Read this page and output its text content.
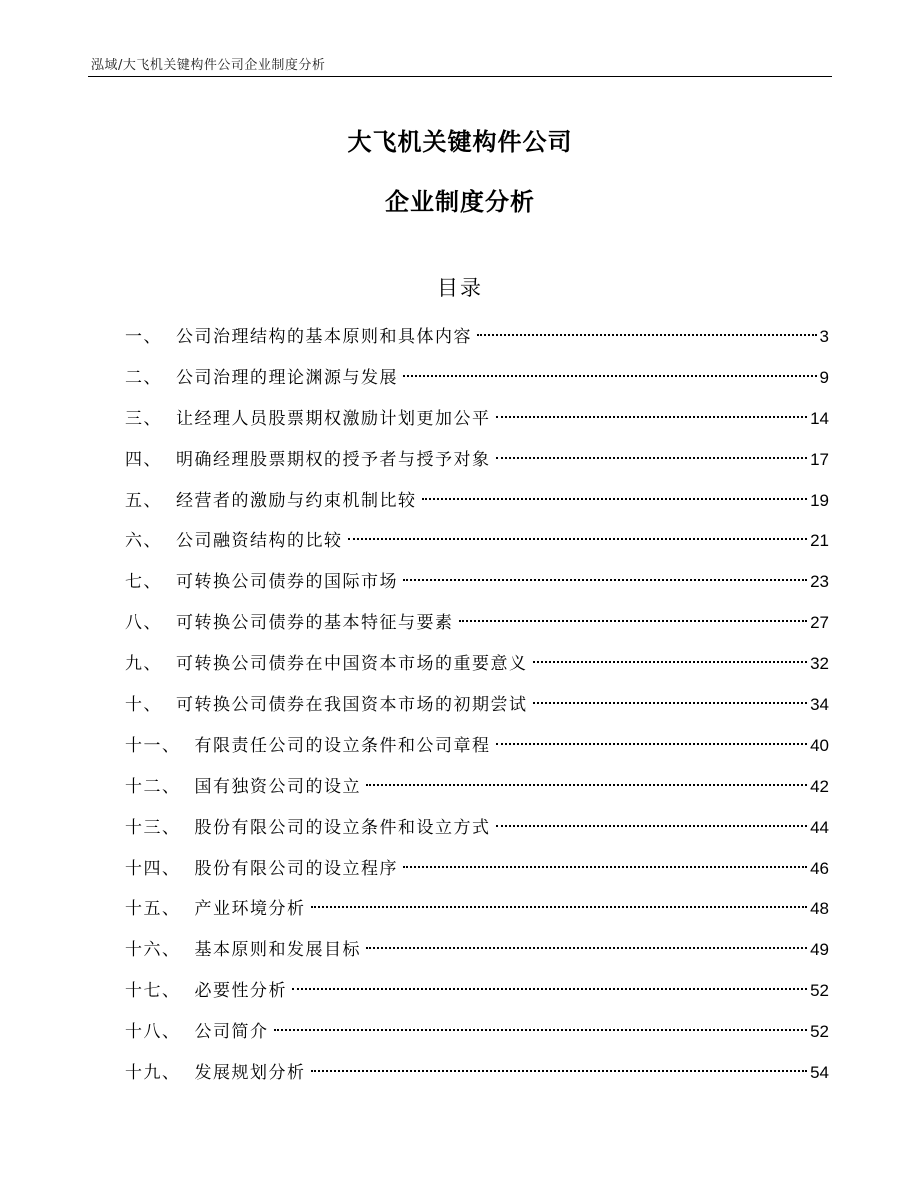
泓域/大飞机关键构件公司企业制度分析
大飞机关键构件公司
企业制度分析
目录
一、 公司治理结构的基本原则和具体内容	3
二、 公司治理的理论渊源与发展	9
三、 让经理人员股票期权激励计划更加公平	14
四、 明确经理股票期权的授予者与授予对象	17
五、 经营者的激励与约束机制比较	19
六、 公司融资结构的比较	21
七、 可转换公司债券的国际市场	23
八、 可转换公司债券的基本特征与要素	27
九、 可转换公司债券在中国资本市场的重要意义	32
十、 可转换公司债券在我国资本市场的初期尝试	34
十一、 有限责任公司的设立条件和公司章程	40
十二、 国有独资公司的设立	42
十三、 股份有限公司的设立条件和设立方式	44
十四、 股份有限公司的设立程序	46
十五、 产业环境分析	48
十六、 基本原则和发展目标	49
十七、 必要性分析	52
十八、 公司简介	52
十九、 发展规划分析	54
